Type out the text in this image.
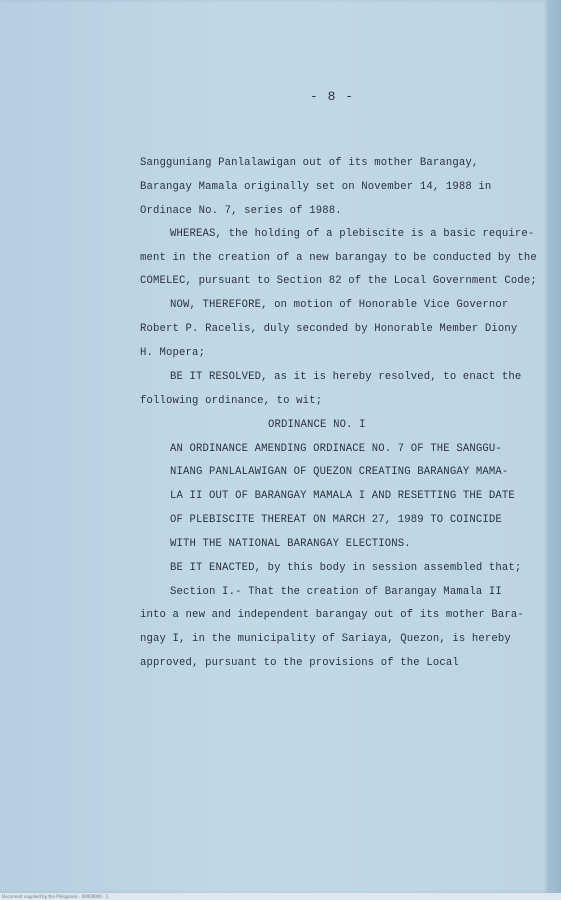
Document supplied by the Philippines · 00000000 · 1
- 8 -
Sangguniang Panlalawigan out of its mother Barangay,
Barangay Mamala originally set on November 14, 1988 in
Ordinace No. 7, series of 1988.
WHEREAS, the holding of a plebiscite is a basic require-
ment in the creation of a new barangay to be conducted by the
COMELEC, pursuant to Section 82 of the Local Government Code;
NOW, THEREFORE, on motion of Honorable Vice Governor
Robert P. Racelis, duly seconded by Honorable Member Diony
H. Mopera;
BE IT RESOLVED, as it is hereby resolved, to enact the
following ordinance, to wit;
ORDINANCE NO. I
AN ORDINANCE AMENDING ORDINACE NO. 7 OF THE SANGGU-
NIANG PANLALAWIGAN OF QUEZON CREATING BARANGAY MAMA-
LA II OUT OF BARANGAY MAMALA I AND RESETTING THE DATE
OF PLEBISCITE THEREAT ON MARCH 27, 1989 TO COINCIDE
WITH THE NATIONAL BARANGAY ELECTIONS.
BE IT ENACTED, by this body in session assembled that;
Section I.- That the creation of Barangay Mamala II
into a new and independent barangay out of its mother Bara-
ngay I, in the municipality of Sariaya, Quezon, is hereby
approved, pursuant to the provisions of the Local
